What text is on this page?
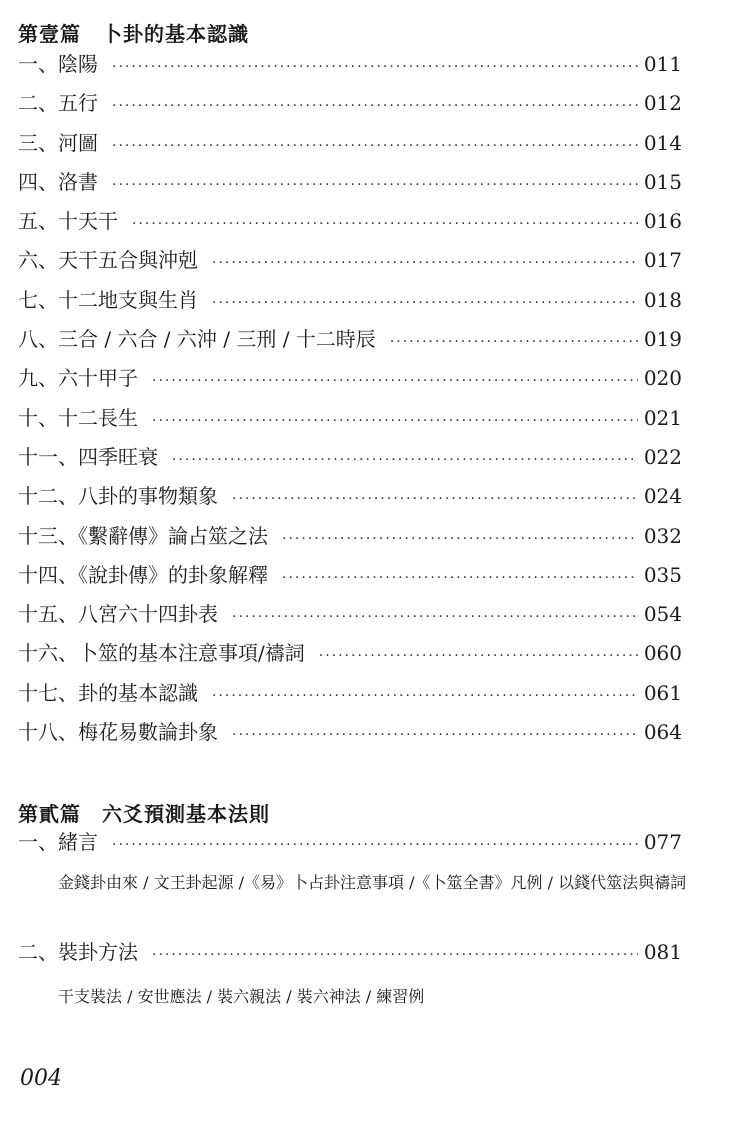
第壹篇　卜卦的基本認識
一、陰陽 ·····	011
二、五行 ·····	012
三、河圖 ·····	014
四、洛書 ·····	015
五、十天干 ·····	016
六、天干五合與沖剋 ·····	017
七、十二地支與生肖 ·····	018
八、三合 / 六合 / 六沖 / 三刑 / 十二時辰 ·····	019
九、六十甲子 ·····	020
十、十二長生 ·····	021
十一、四季旺衰 ·····	022
十二、八卦的事物類象 ·····	024
十三、《繫辭傳》論占筮之法 ·····	032
十四、《說卦傳》的卦象解釋 ·····	035
十五、八宮六十四卦表 ·····	054
十六、卜筮的基本注意事項/禱詞 ·····	060
十七、卦的基本認識 ·····	061
十八、梅花易數論卦象 ·····	064
第貳篇　六爻預測基本法則
一、緒言 ·····	077
金錢卦由來 / 文王卦起源 /《易》卜占卦注意事項 /《卜筮全書》凡例 / 以錢代筮法與禱詞
二、裝卦方法 ·····	081
干支裝法 / 安世應法 / 裝六親法 / 裝六神法 / 練習例
004
